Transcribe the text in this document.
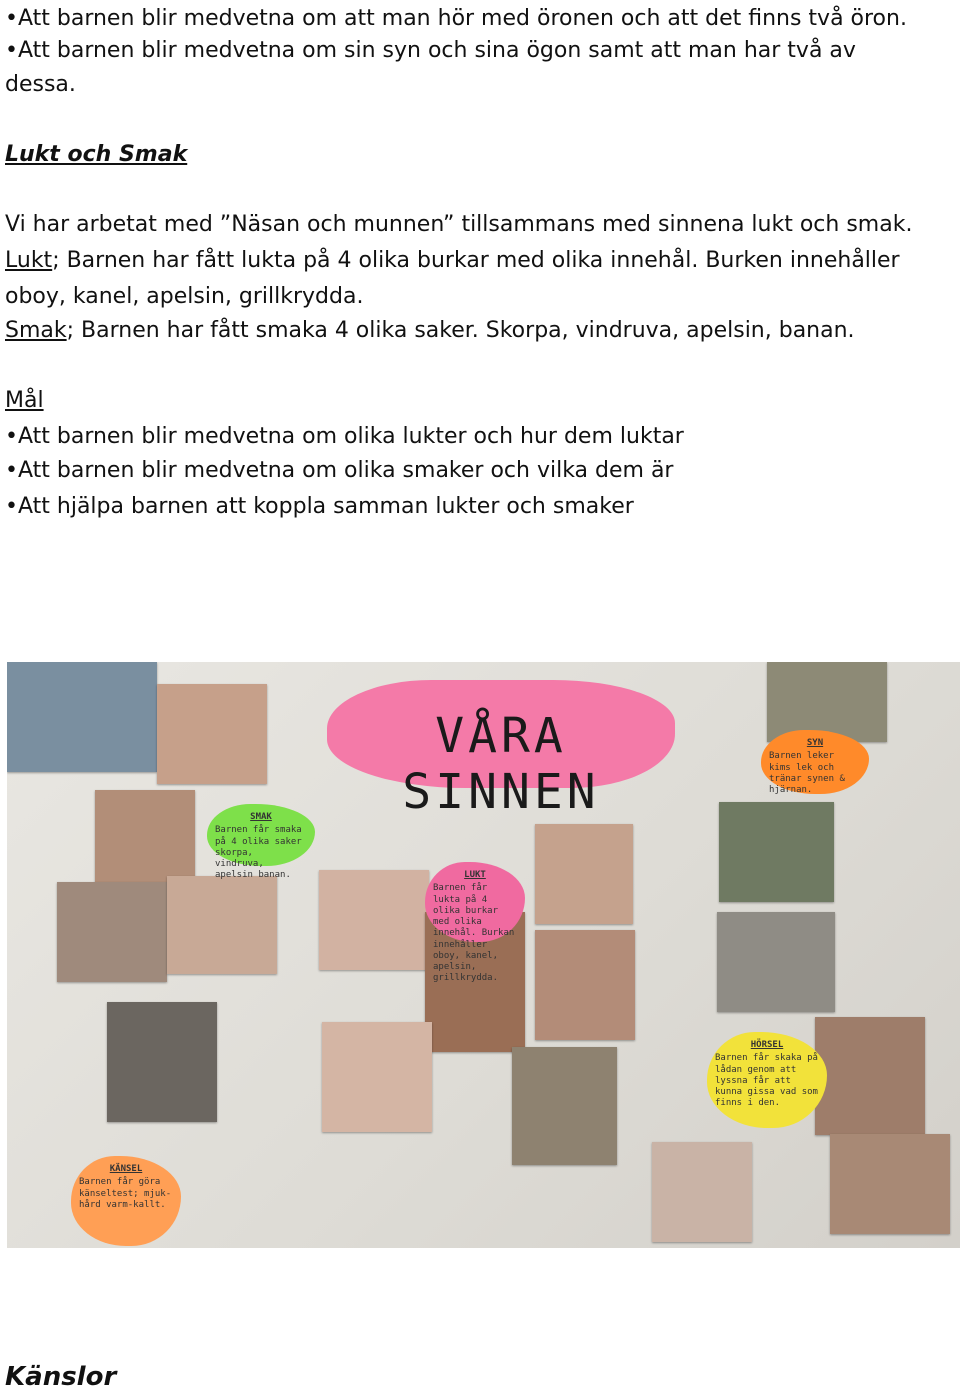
•Att barnen blir medvetna om att man hör med öronen och att det finns två öron.
•Att barnen blir medvetna om sin syn och sina ögon samt att man har två av
dessa.
Lukt och Smak
Vi har arbetat med ”Näsan och munnen” tillsammans med sinnena lukt och smak.
Lukt; Barnen har fått lukta på 4 olika burkar med olika innehål. Burken innehåller
oboy, kanel, apelsin, grillkrydda.
Smak; Barnen har fått smaka 4 olika saker. Skorpa, vindruva, apelsin, banan.
Mål
•Att barnen blir medvetna om olika lukter och hur dem luktar
•Att barnen blir medvetna om olika smaker och vilka dem är
•Att hjälpa barnen att koppla samman lukter och smaker
VÅRA SINNEN
SMAK
Barnen får smaka på 4 olika saker skorpa, vindruva, apelsin banan.	LUKT
Barnen får lukta på 4 olika burkar med olika innehål. Burkan innehåller oboy, kanel, apelsin, grillkrydda.
SYN
Barnen leker kims lek och tränar synen & hjärnan.
HÖRSEL
Barnen får skaka på lådan genom att lyssna får att kunna gissa vad som finns i den.
KÄNSEL
Barnen får göra känseltest; mjuk-hård varm-kallt.
Känslor
